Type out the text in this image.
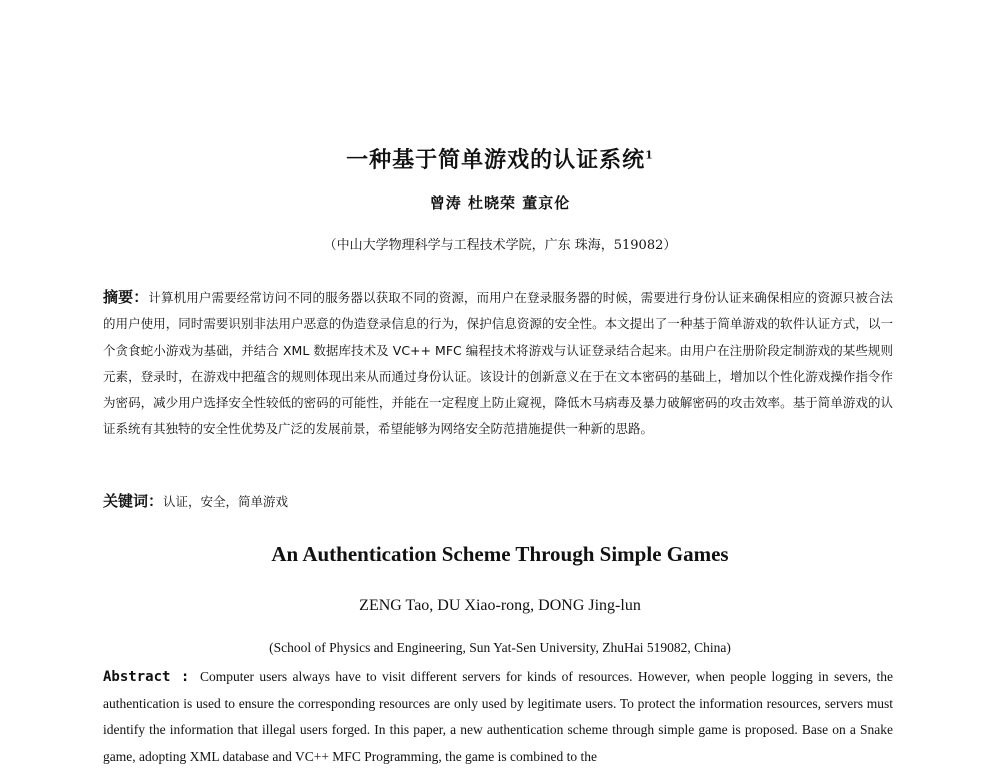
一种基于简单游戏的认证系统$^1$
曾涛 杜晓荣 董京伦
（中山大学物理科学与工程技术学院，广东 珠海，519082）
摘要：计算机用户需要经常访问不同的服务器以获取不同的资源，而用户在登录服务器的时候，需要进行身份认证来确保相应的资源只被合法的用户使用，同时需要识别非法用户恶意的伪造登录信息的行为，保护信息资源的安全性。本文提出了一种基于简单游戏的软件认证方式，以一个贪食蛇小游戏为基础，并结合 XML 数据库技术及 VC++ MFC 编程技术将游戏与认证登录结合起来。由用户在注册阶段定制游戏的某些规则元素，登录时，在游戏中把蕴含的规则体现出来从而通过身份认证。该设计的创新意义在于在文本密码的基础上，增加以个性化游戏操作指令作为密码，减少用户选择安全性较低的密码的可能性，并能在一定程度上防止窥视，降低木马病毒及暴力破解密码的攻击效率。基于简单游戏的认证系统有其独特的安全性优势及广泛的发展前景，希望能够为网络安全防范措施提供一种新的思路。
关键词：认证，安全，简单游戏
An Authentication Scheme Through Simple Games
ZENG Tao, DU Xiao-rong, DONG Jing-lun
(School of Physics and Engineering, Sun Yat-Sen University, ZhuHai 519082, China)
Abstract : Computer users always have to visit different servers for kinds of resources. However, when people logging in severs, the authentication is used to ensure the corresponding resources are only used by legitimate users. To protect the information resources, servers must identify the information that illegal users forged. In this paper, a new authentication scheme through simple game is proposed. Base on a Snake game, adopting XML database and VC++ MFC Programming, the game is combined to the
